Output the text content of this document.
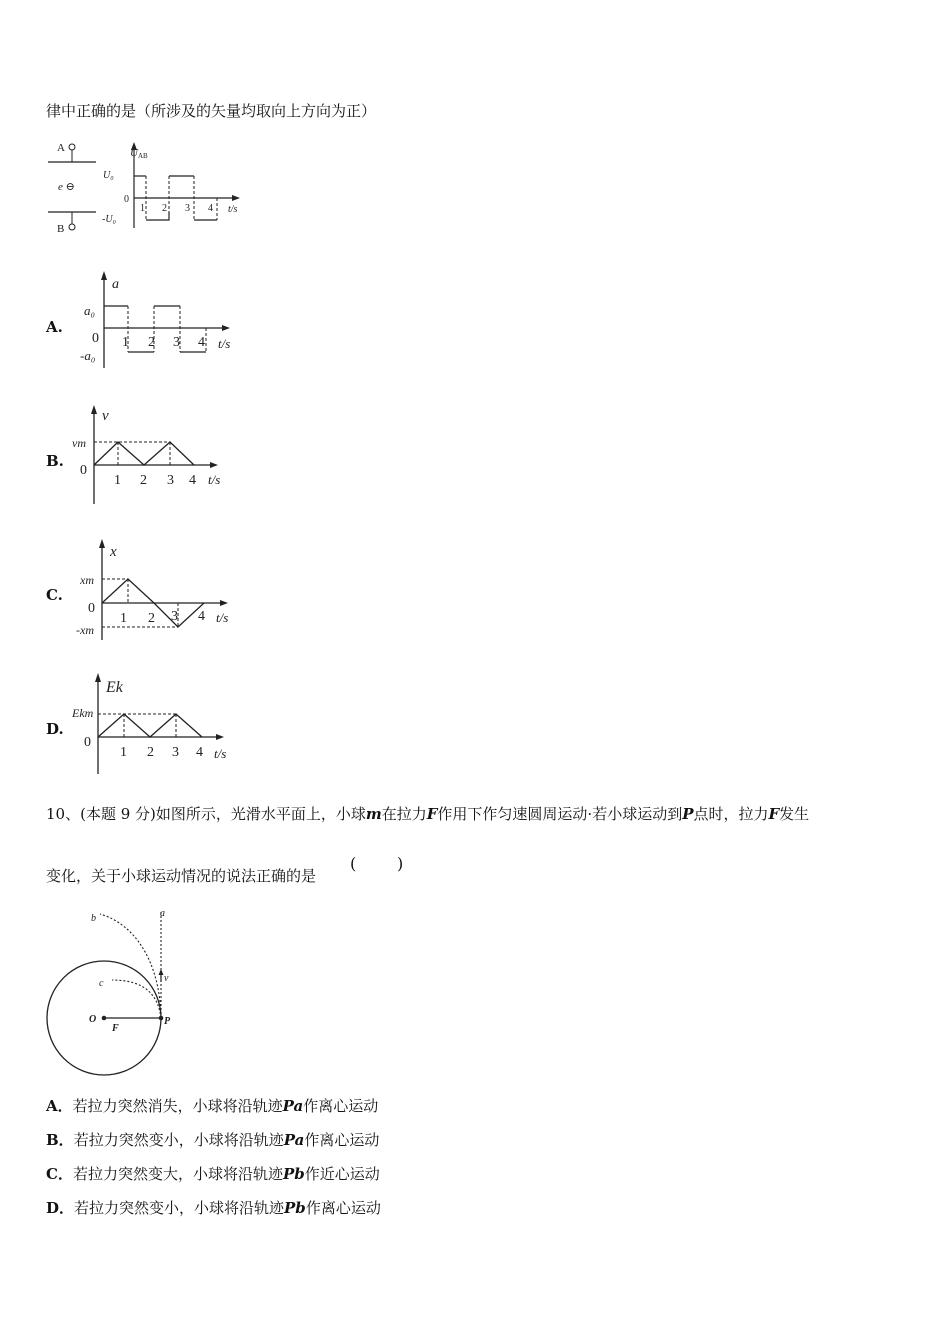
律中正确的是（所涉及的矢量均取向上方向为正）
A
B
e ⊖
UAB
U₀
-U₀
0
1 2 3 4 t/s
A.
a
a₀
-a₀
0 1 2 3 4 t/s
B.
v
vm
0
1 2 3 4 t/s
C.
x
xm
-xm
0
1 2 3 4 t/s
D.
Ek
Ekm
0
1 2 3 4 t/s
10、(本题 9 分)如图所示，光滑水平面上，小球m在拉力F作用下作匀速圆周运动·若小球运动到P点时，拉力F发生
变化，关于小球运动情况的说法正确的是
(	)
a
b
c	v
O	P
F
A．若拉力突然消失，小球将沿轨迹Pa作离心运动
B．若拉力突然变小，小球将沿轨迹Pa作离心运动
C．若拉力突然变大，小球将沿轨迹Pb作近心运动
D．若拉力突然变小，小球将沿轨迹Pb作离心运动
